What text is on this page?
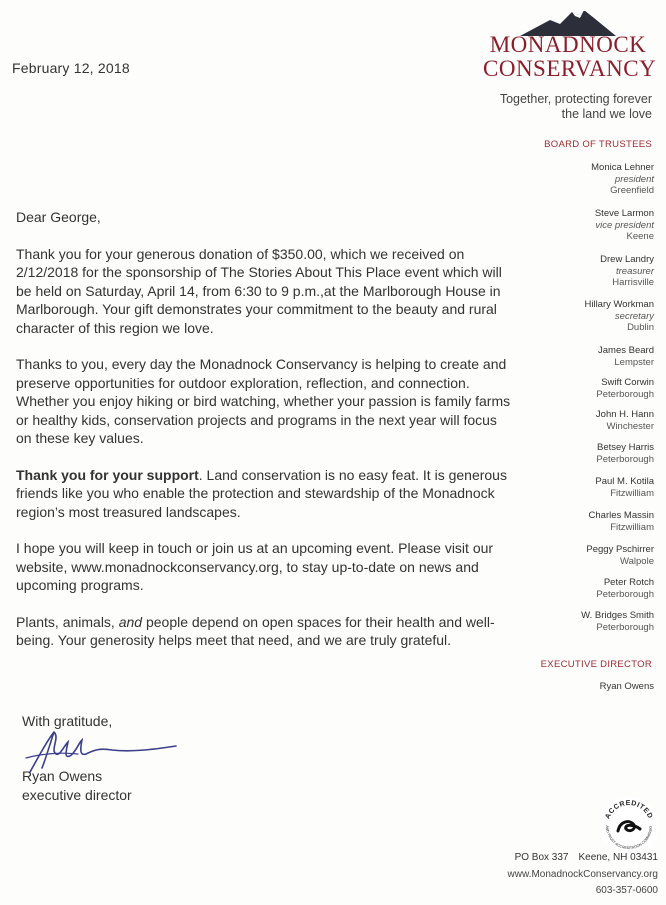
MONADNOCK
CONSERVANCY
Together, protecting forever
the land we love
February 12, 2018

Dear George,

Thank you for your generous donation of $350.00, which we received on 2/12/2018 for the sponsorship of The Stories About This Place event which will be held on Saturday, April 14, from 6:30 to 9 p.m.,at the Marlborough House in Marlborough. Your gift demonstrates your commitment to the beauty and rural character of this region we love.

Thanks to you, every day the Monadnock Conservancy is helping to create and preserve opportunities for outdoor exploration, reflection, and connection. Whether you enjoy hiking or bird watching, whether your passion is family farms or healthy kids, conservation projects and programs in the next year will focus on these key values.

Thank you for your support. Land conservation is no easy feat. It is generous friends like you who enable the protection and stewardship of the Monadnock region’s most treasured landscapes.

I hope you will keep in touch or join us at an upcoming event. Please visit our website, www.monadnockconservancy.org, to stay up-to-date on news and upcoming programs.

Plants, animals, and people depend on open spaces for their health and well-being. Your generosity helps meet that need, and we are truly grateful.

With gratitude,
Ryan Owens
executive director
BOARD OF TRUSTEES
Monica Lehner
president
Greenfield
Steve Larmon
vice president
Keene
Drew Landry
treasurer
Harrisville
Hillary Workman
secretary
Dublin
James Beard
Lempster
Swift Corwin
Peterborough
John H. Hann
Winchester
Betsey Harris
Peterborough
Paul M. Kotila
Fitzwilliam
Charles Massin
Fitzwilliam
Peggy Pschirrer
Walpole
Peter Rotch
Peterborough
W. Bridges Smith
Peterborough
EXECUTIVE DIRECTOR
Ryan Owens
ACCREDITED
AND TRUST ACCREDITATION COMMISSIO
PO Box 337 Keene, NH 03431
www.MonadnockConservancy.org
603-357-0600
